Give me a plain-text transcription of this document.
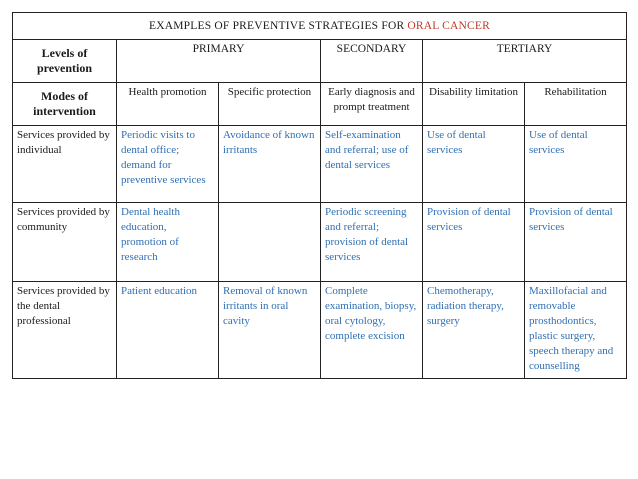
EXAMPLES OF PREVENTIVE STRATEGIES FOR ORAL CANCER					
Levels of prevention	PRIMARY		SECONDARY	TERTIARY	
Modes of intervention	Health promotion	Specific protection	Early diagnosis and prompt treatment	Disability limitation	Rehabilitation
Services provided by individual	Periodic visits to dental office; demand for preventive services	Avoidance of known irritants	Self-examination and referral; use of dental services	Use of dental services	Use of dental services
Services provided by community	Dental health education, promotion of research		Periodic screening and referral; provision of dental services	Provision of dental services	Provision of dental services
Services provided by the dental professional	Patient education	Removal of known irritants in oral cavity	Complete examination, biopsy, oral cytology, complete excision	Chemotherapy, radiation therapy, surgery	Maxillofacial and removable prosthodontics, plastic surgery, speech therapy and counselling
